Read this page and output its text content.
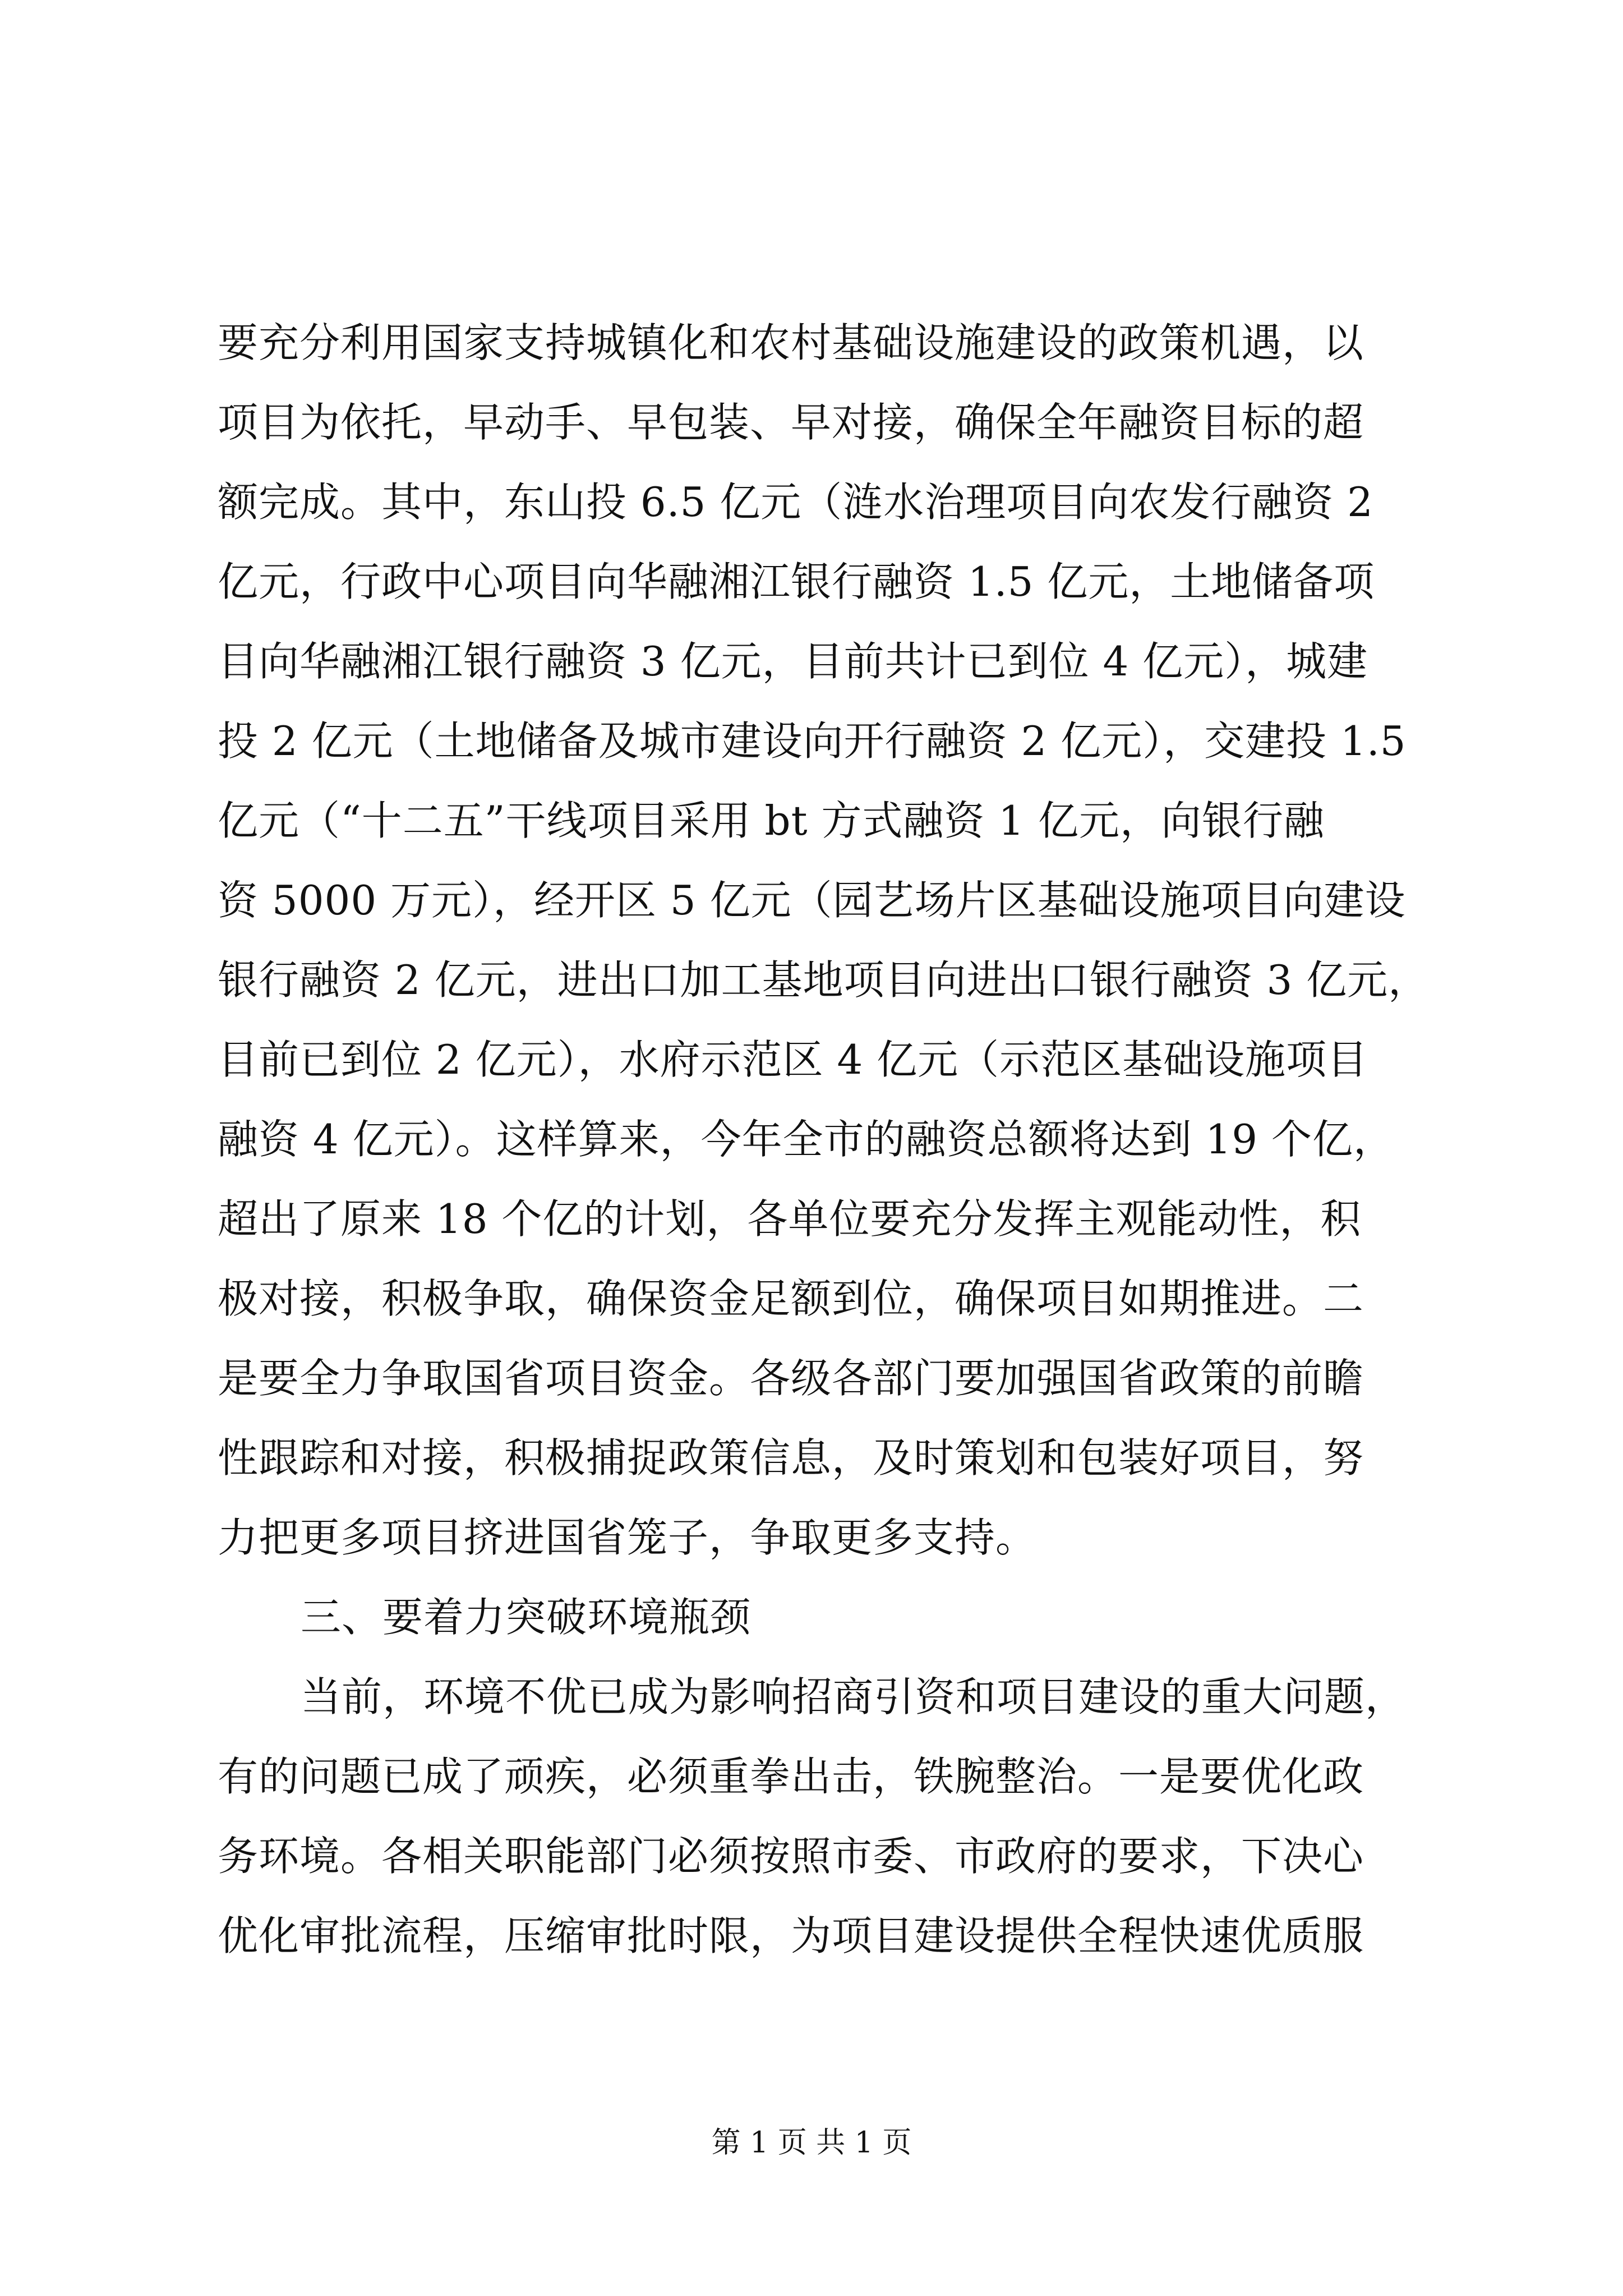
要充分利用国家支持城镇化和农村基础设施建设的政策机遇，以
项目为依托，早动手、早包装、早对接，确保全年融资目标的超
额完成。其中，东山投 6.5 亿元（涟水治理项目向农发行融资 2
亿元，行政中心项目向华融湘江银行融资 1.5 亿元，土地储备项
目向华融湘江银行融资 3 亿元，目前共计已到位 4 亿元），城建
投 2 亿元（土地储备及城市建设向开行融资 2 亿元），交建投 1.5
亿元（“十二五”干线项目采用 bt 方式融资 1 亿元，向银行融
资 5000 万元），经开区 5 亿元（园艺场片区基础设施项目向建设
银行融资 2 亿元，进出口加工基地项目向进出口银行融资 3 亿元，
目前已到位 2 亿元），水府示范区 4 亿元（示范区基础设施项目
融资 4 亿元）。这样算来，今年全市的融资总额将达到 19 个亿，
超出了原来 18 个亿的计划，各单位要充分发挥主观能动性，积
极对接，积极争取，确保资金足额到位，确保项目如期推进。二
是要全力争取国省项目资金。各级各部门要加强国省政策的前瞻
性跟踪和对接，积极捕捉政策信息，及时策划和包装好项目，努
力把更多项目挤进国省笼子，争取更多支持。
三、要着力突破环境瓶颈
当前，环境不优已成为影响招商引资和项目建设的重大问题，
有的问题已成了顽疾，必须重拳出击，铁腕整治。一是要优化政
务环境。各相关职能部门必须按照市委、市政府的要求，下决心
优化审批流程，压缩审批时限，为项目建设提供全程快速优质服
第 1 页 共 1 页
